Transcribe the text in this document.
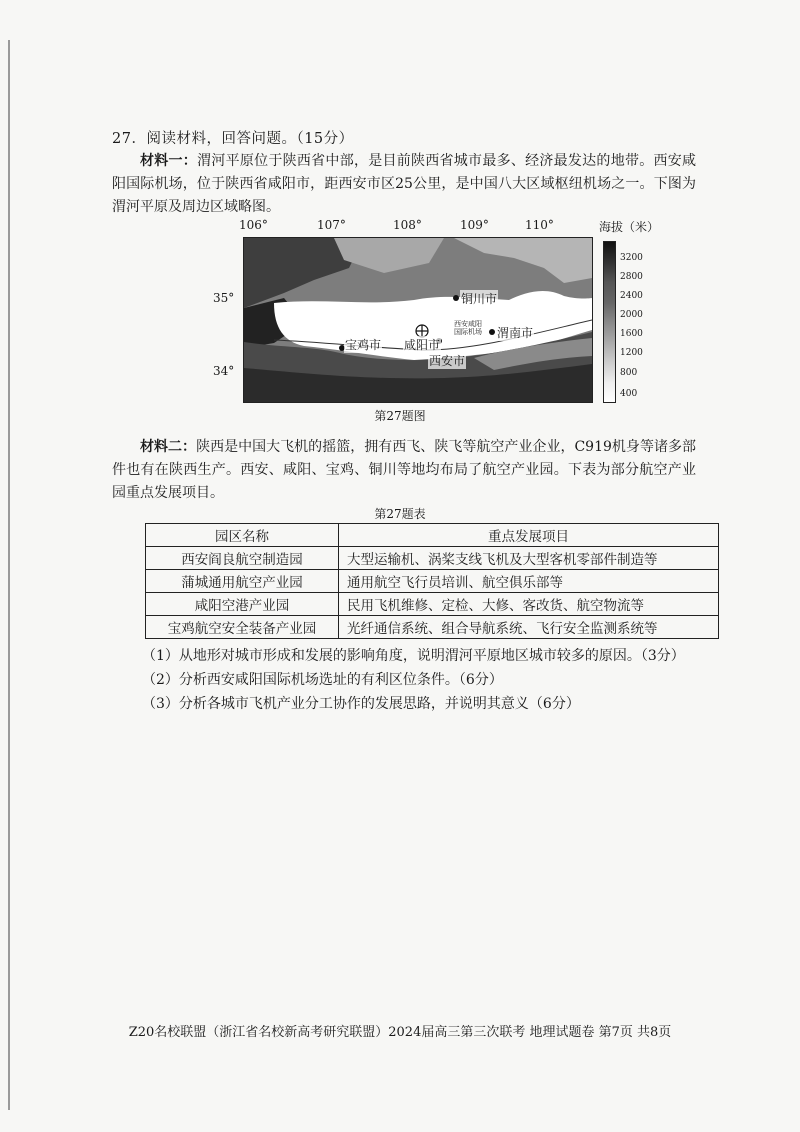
27．阅读材料，回答问题。（15分）
材料一：渭河平原位于陕西省中部，是目前陕西省城市最多、经济最发达的地带。西安咸阳国际机场，位于陕西省咸阳市，距西安市区25公里，是中国八大区域枢纽机场之一。下图为渭河平原及周边区域略图。
106°	107°	108°	109°	110°
35°
34°
铜川市
渭南市
宝鸡市 咸阳市
西安市
西安咸阳
国际机场
海拔（米）
3200
2800
2400
2000
1600
1200
800
400
第27题图
材料二：陕西是中国大飞机的摇篮，拥有西飞、陕飞等航空产业企业，C919机身等诸多部件也有在陕西生产。西安、咸阳、宝鸡、铜川等地均布局了航空产业园。下表为部分航空产业园重点发展项目。
第27题表
园区名称	重点发展项目
西安阎良航空制造园	大型运输机、涡桨支线飞机及大型客机零部件制造等
蒲城通用航空产业园	通用航空飞行员培训、航空俱乐部等
咸阳空港产业园	民用飞机维修、定检、大修、客改货、航空物流等
宝鸡航空安全装备产业园	光纤通信系统、组合导航系统、飞行安全监测系统等
（1）从地形对城市形成和发展的影响角度，说明渭河平原地区城市较多的原因。（3分）
（2）分析西安咸阳国际机场选址的有利区位条件。（6分）
（3）分析各城市飞机产业分工协作的发展思路，并说明其意义（6分）
Z20名校联盟（浙江省名校新高考研究联盟）2024届高三第三次联考 地理试题卷 第7页 共8页
